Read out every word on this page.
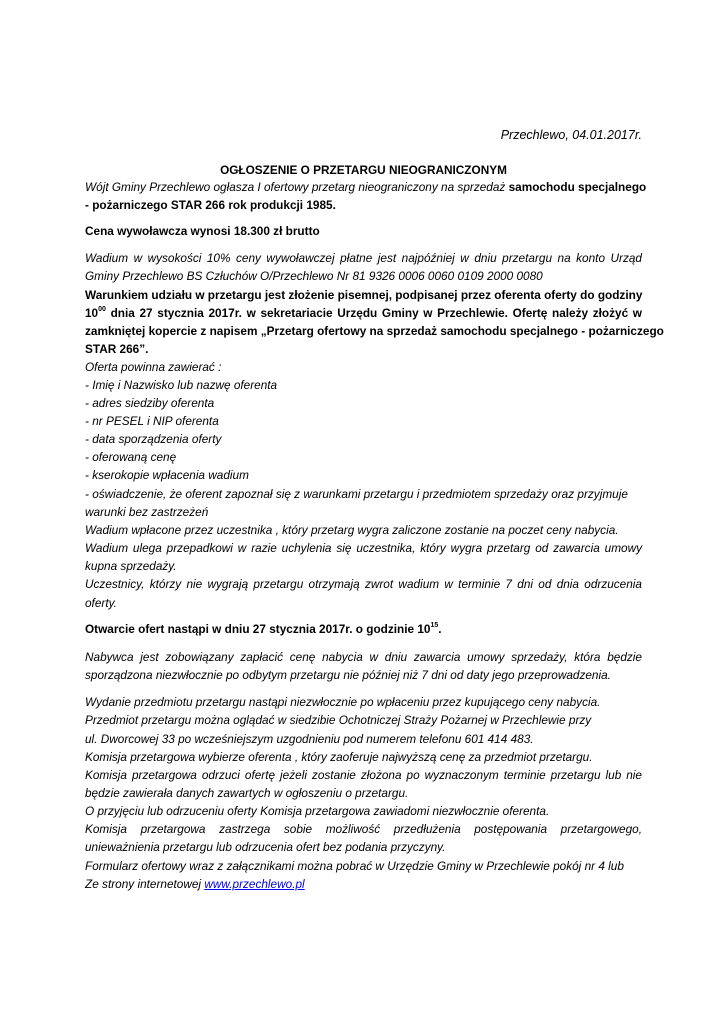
Przechlewo, 04.01.2017r.
OGŁOSZENIE O PRZETARGU NIEOGRANICZONYM
Wójt Gminy Przechlewo ogłasza I ofertowy przetarg nieograniczony na sprzedaż samochodu specjalnego
- pożarniczego STAR 266 rok produkcji 1985.
Cena wywoławcza wynosi 18.300 zł brutto
Wadium w wysokości 10% ceny wywoławczej płatne jest najpóźniej w dniu przetargu na konto Urząd
Gminy Przechlewo BS Człuchów O/Przechlewo Nr 81 9326 0006 0060 0109 2000 0080
Warunkiem udziału w przetargu jest złożenie pisemnej, podpisanej przez oferenta oferty do godziny
$10^{00}$ dnia 27 stycznia 2017r. w sekretariacie Urzędu Gminy w Przechlewie. Ofertę należy złożyć w
zamkniętej kopercie z napisem „Przetarg ofertowy na sprzedaż samochodu specjalnego - pożarniczego
STAR 266”.
Oferta powinna zawierać :
- Imię i Nazwisko lub nazwę oferenta
- adres siedziby oferenta
- nr PESEL i NIP oferenta
- data sporządzenia oferty
- oferowaną cenę
- kserokopie wpłacenia wadium
- oświadczenie, że oferent zapoznał się z warunkami przetargu i przedmiotem sprzedaży oraz przyjmuje
warunki bez zastrzeżeń
Wadium wpłacone przez uczestnika , który przetarg wygra zaliczone zostanie na poczet ceny nabycia.
Wadium ulega przepadkowi w razie uchylenia się uczestnika, który wygra przetarg od zawarcia umowy
kupna sprzedaży.
Uczestnicy, którzy nie wygrają przetargu otrzymają zwrot wadium w terminie 7 dni od dnia odrzucenia
oferty.
Otwarcie ofert nastąpi w dniu 27 stycznia 2017r. o godzinie $10^{15}$.
Nabywca jest zobowiązany zapłacić cenę nabycia w dniu zawarcia umowy sprzedaży, która będzie
sporządzona niezwłocznie po odbytym przetargu nie później niż 7 dni od daty jego przeprowadzenia.
Wydanie przedmiotu przetargu nastąpi niezwłocznie po wpłaceniu przez kupującego ceny nabycia.
Przedmiot przetargu można oglądać w siedzibie Ochotniczej Straży Pożarnej w Przechlewie przy
ul. Dworcowej 33 po wcześniejszym uzgodnieniu pod numerem telefonu 601 414 483.
Komisja przetargowa wybierze oferenta , który zaoferuje najwyższą cenę za przedmiot przetargu.
Komisja przetargowa odrzuci ofertę jeżeli zostanie złożona po wyznaczonym terminie przetargu lub nie
będzie zawierała danych zawartych w ogłoszeniu o przetargu.
O przyjęciu lub odrzuceniu oferty Komisja przetargowa zawiadomi niezwłocznie oferenta.
Komisja przetargowa zastrzega sobie możliwość przedłużenia postępowania przetargowego,
unieważnienia przetargu lub odrzucenia ofert bez podania przyczyny.
Formularz ofertowy wraz z załącznikami można pobrać w Urzędzie Gminy w Przechlewie pokój nr 4 lub
Ze strony internetowej www.przechlewo.pl
